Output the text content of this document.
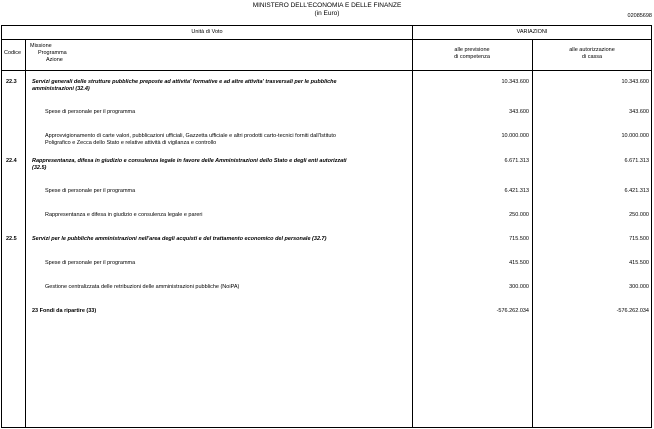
MINISTERO DELL'ECONOMIA E DELLE FINANZE
(in Euro)	02085698
Unità di Voto	VARIAZIONI
Codice
Missione
Programma
Azione
alle previsione
di competenza
alle autorizzazione
di cassa
22.3	Servizi generali delle strutture pubbliche preposte ad attivita' formative e ad altre attivita' trasversali per le pubbliche
amministrazioni (32.4)
10.343.600	10.343.600
Spese di personale per il programma	343.600	343.600
Approvvigionamento di carte valori, pubblicazioni ufficiali, Gazzetta ufficiale e altri prodotti carto-tecnici forniti dall'Istituto
Poligrafico e Zecca dello Stato e relative attività di vigilanza e controllo
10.000.000	10.000.000
22.4	Rappresentanza, difesa in giudizio e consulenza legale in favore delle Amministrazioni dello Stato e degli enti autorizzati
(32.5)
6.671.313	6.671.313
Spese di personale per il programma	6.421.313	6.421.313
Rappresentanza e difesa in giudizio e consulenza legale e pareri	250.000	250.000
22.5	Servizi per le pubbliche amministrazioni nell'area degli acquisti e del trattamento economico del personale (32.7)	715.500	715.500
Spese di personale per il programma	415.500	415.500
Gestione centralizzata delle retribuzioni delle amministrazioni pubbliche (NoiPA)	300.000	300.000
23 Fondi da ripartire (33)	-576.262.034	-576.262.034
